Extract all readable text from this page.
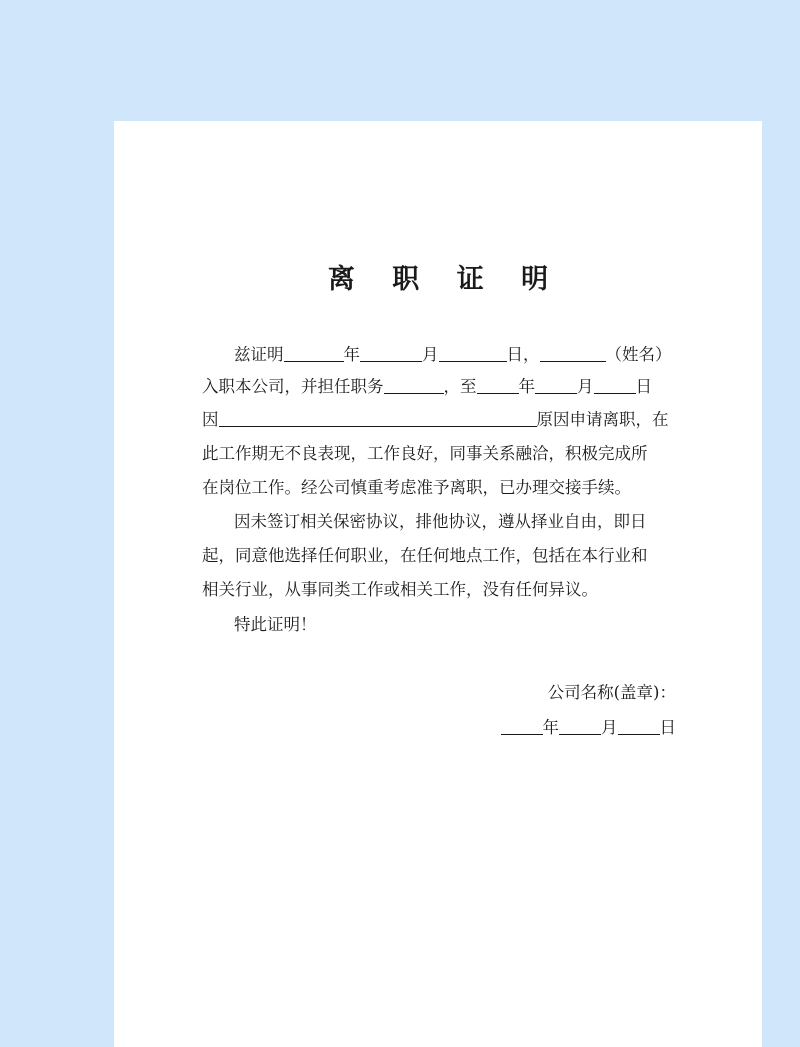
离 职 证 明
兹证明	年	月	日，	（姓名）
入职本公司，并担任职务	，至	年	月	日
因	原因申请离职，在
此工作期无不良表现，工作良好，同事关系融洽，积极完成所
在岗位工作。经公司慎重考虑准予离职，已办理交接手续。
因未签订相关保密协议，排他协议，遵从择业自由，即日
起，同意他选择任何职业，在任何地点工作，包括在本行业和
相关行业，从事同类工作或相关工作，没有任何异议。
特此证明！
公司名称(盖章)：
年	月	日
